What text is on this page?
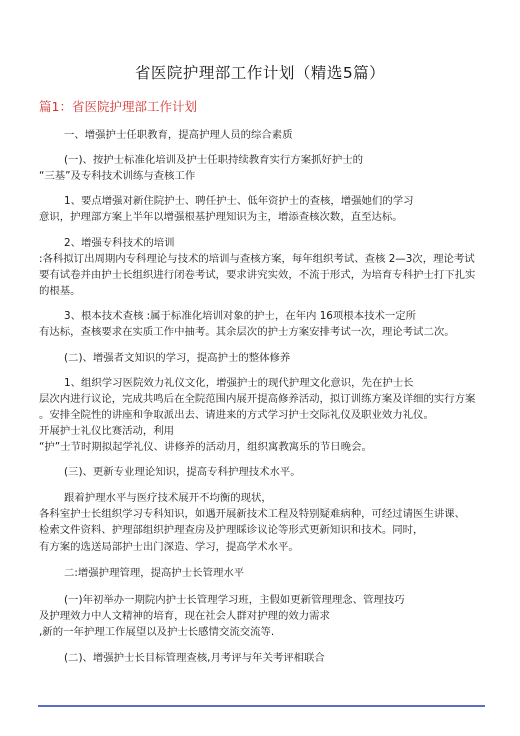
省医院护理部工作计划（精选5篇）
篇1：省医院护理部工作计划
一、增强护士任职教育，提高护理人员的综合素质
(一)、按护士标准化培训及护士任职持续教育实行方案抓好护士的
“三基”及专科技术训练与查核工作
1、要点增强对新住院护士、聘任护士、低年资护士的查核，增强她们的学习
意识，护理部方案上半年以增强根基护理知识为主，增添查核次数，直至达标。
2、增强专科技术的培训
:各科拟订出周期内专科理论与技术的培训与查核方案，每年组织考试、查核 2—3次，理论考试
要有试卷并由护士长组织进行闭卷考试，要求讲究实效，不流于形式，为培育专科护士打下扎实
的根基。
3、根本技术查核 :属于标准化培训对象的护士，在年内 16项根本技术一定所
有达标，查核要求在实质工作中抽考。其余层次的护士方案安排考试一次，理论考试二次。
(二)、增强者文知识的学习，提高护士的整体修养
1、组织学习医院效力礼仪文化，增强护士的现代护理文化意识，先在护士长
层次内进行议论，完成共鸣后在全院范围内展开提高修养活动，拟订训练方案及详细的实行方案
。安排全院性的讲座和争取派出去、请进来的方式学习护士交际礼仪及职业效力礼仪。
开展护士礼仪比赛活动，利用
“护”士节时期拟起学礼仪、讲修养的活动月，组织寓教寓乐的节日晚会。
(三)、更新专业理论知识，提高专科护理技术水平。
跟着护理水平与医疗技术展开不均衡的现状，
各科室护士长组织学习专科知识，如遇开展新技术工程及特别疑难病种，可经过请医生讲课、
检索文件资料、护理部组织护理查房及护理睬诊议论等形式更新知识和技术。同时，
有方案的选送局部护士出门深造、学习，提高学术水平。
二:增强护理管理，提高护士长管理水平
(一)年初举办一期院内护士长管理学习班，主假如更新管理理念、管理技巧
及护理效力中人文精神的培育，现在社会人群对护理的效力需求
,新的一年护理工作展望以及护士长感情交流交流等.
(二)、增强护士长目标管理查核,月考评与年关考评相联合
